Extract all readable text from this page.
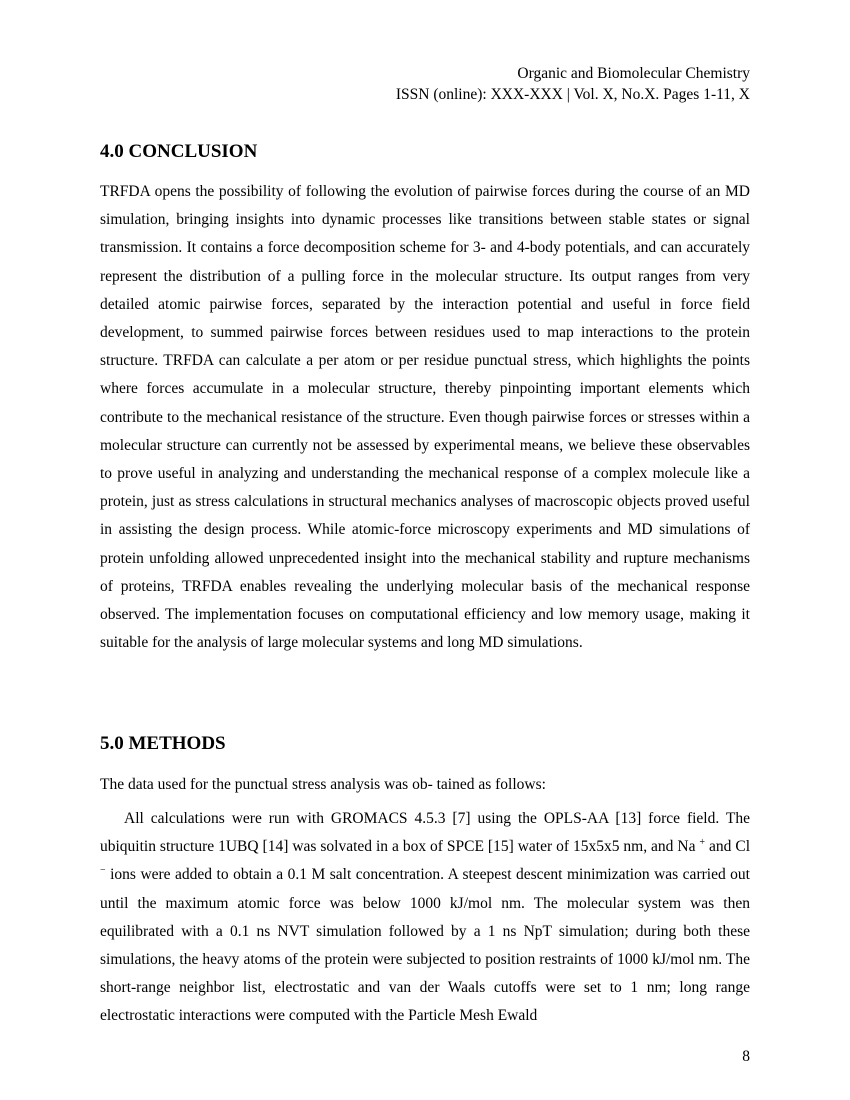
Organic and Biomolecular Chemistry
ISSN (online): XXX-XXX | Vol. X, No.X. Pages 1-11, X
4.0 CONCLUSION

TRFDA opens the possibility of following the evolution of pairwise forces during the course of an MD simulation, bringing insights into dynamic processes like transitions between stable states or signal transmission. It contains a force decomposition scheme for 3- and 4-body potentials, and can accurately represent the distribution of a pulling force in the molecular structure. Its output ranges from very detailed atomic pairwise forces, separated by the interaction potential and useful in force field development, to summed pairwise forces between residues used to map interactions to the protein structure. TRFDA can calculate a per atom or per residue punctual stress, which highlights the points where forces accumulate in a molecular structure, thereby pinpointing important elements which contribute to the mechanical resistance of the structure. Even though pairwise forces or stresses within a molecular structure can currently not be assessed by experimental means, we believe these observables to prove useful in analyzing and understanding the mechanical response of a complex molecule like a protein, just as stress calculations in structural mechanics analyses of macroscopic objects proved useful in assisting the design process. While atomic-force microscopy experiments and MD simulations of protein unfolding allowed unprecedented insight into the mechanical stability and rupture mechanisms of proteins, TRFDA enables revealing the underlying molecular basis of the mechanical response observed. The implementation focuses on computational efficiency and low memory usage, making it suitable for the analysis of large molecular systems and long MD simulations.

5.0 METHODS

The data used for the punctual stress analysis was ob- tained as follows:

All calculations were run with GROMACS 4.5.3 [7] using the OPLS-AA [13] force field. The ubiquitin structure 1UBQ [14] was solvated in a box of SPCE [15] water of 15x5x5 nm, and Na + and Cl − ions were added to obtain a 0.1 M salt concentration. A steepest descent minimization was carried out until the maximum atomic force was below 1000 kJ/mol nm. The molecular system was then equilibrated with a 0.1 ns NVT simulation followed by a 1 ns NpT simulation; during both these simulations, the heavy atoms of the protein were subjected to position restraints of 1000 kJ/mol nm. The short-range neighbor list, electrostatic and van der Waals cutoffs were set to 1 nm; long range electrostatic interactions were computed with the Particle Mesh Ewald

8
